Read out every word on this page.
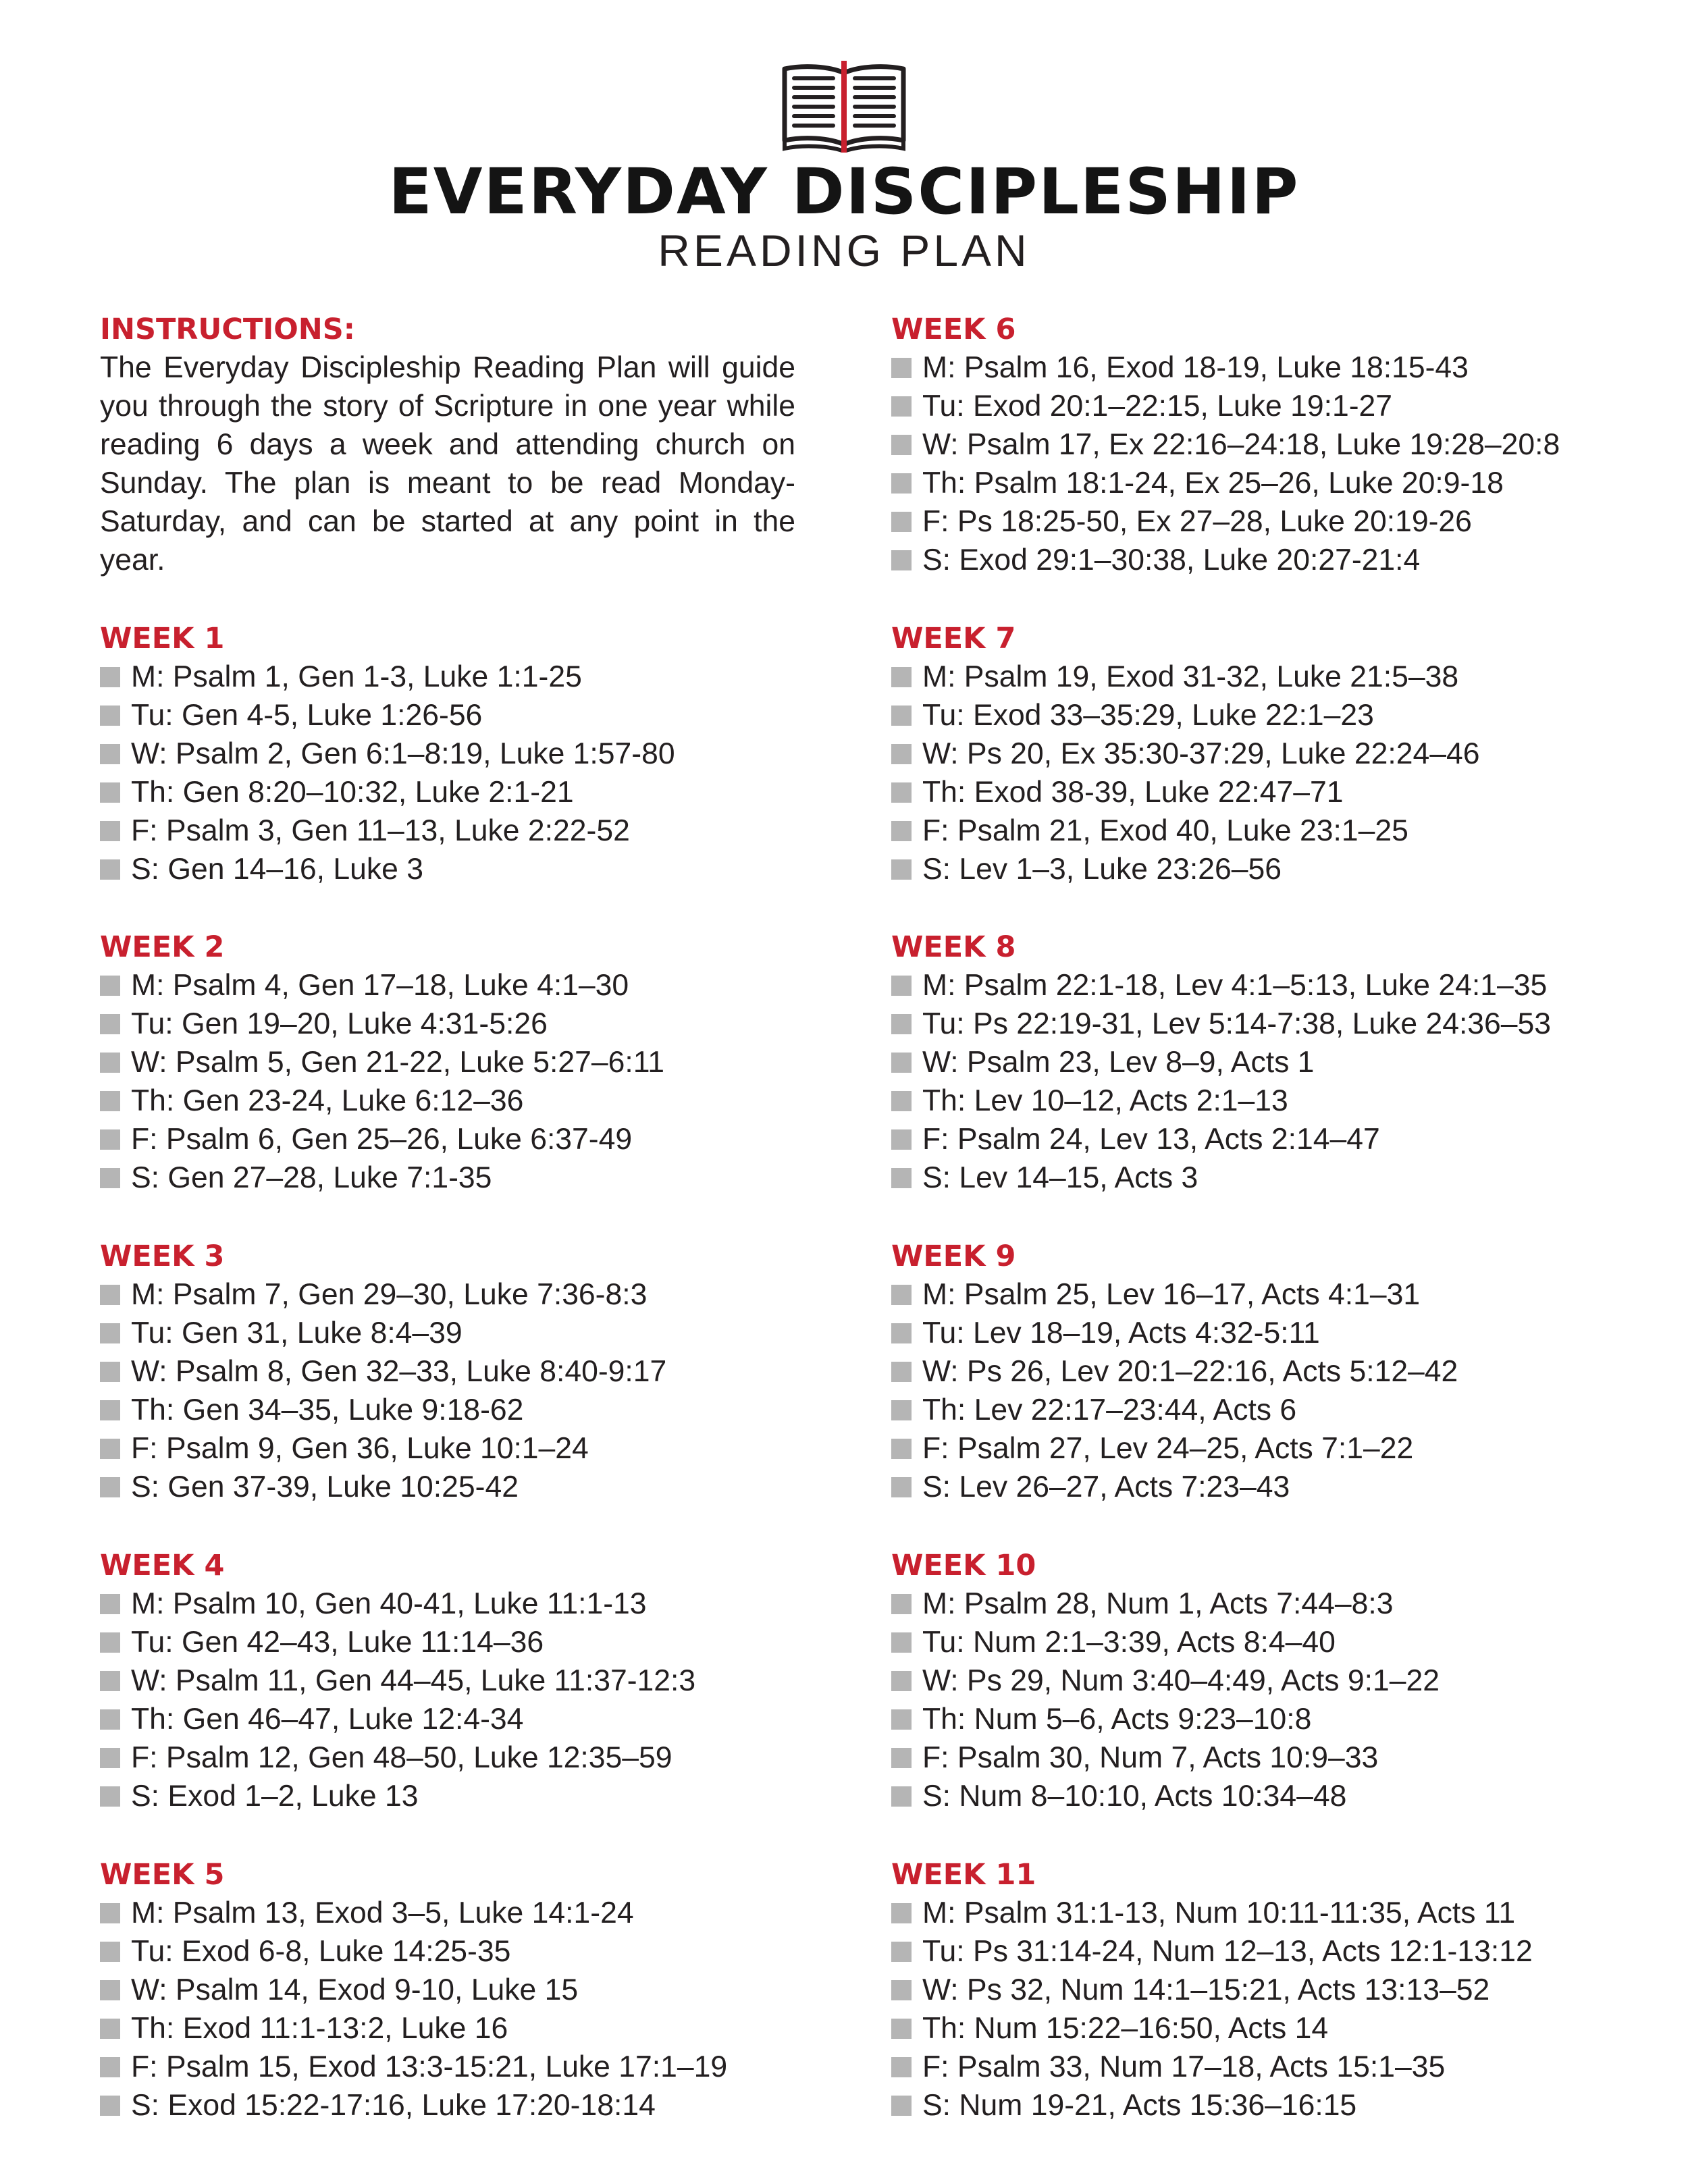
EVERYDAY DISCIPLESHIP
READING PLAN
INSTRUCTIONS:
The Everyday Discipleship Reading Plan will guide you through the story of Scripture in one year while reading 6 days a week and attending church on Sunday. The plan is meant to be read Monday-Saturday, and can be started at any point in the year.
WEEK 1
M: Psalm 1, Gen 1-3, Luke 1:1-25
Tu: Gen 4-5, Luke 1:26-56
W: Psalm 2, Gen 6:1–8:19, Luke 1:57-80
Th: Gen 8:20–10:32, Luke 2:1-21
F: Psalm 3, Gen 11–13, Luke 2:22-52
S: Gen 14–16, Luke 3
WEEK 2
M: Psalm 4, Gen 17–18, Luke 4:1–30
Tu: Gen 19–20, Luke 4:31-5:26
W: Psalm 5, Gen 21-22, Luke 5:27–6:11
Th: Gen 23-24, Luke 6:12–36
F: Psalm 6, Gen 25–26, Luke 6:37-49
S: Gen 27–28, Luke 7:1-35
WEEK 3
M: Psalm 7, Gen 29–30, Luke 7:36-8:3
Tu: Gen 31, Luke 8:4–39
W: Psalm 8, Gen 32–33, Luke 8:40-9:17
Th: Gen 34–35, Luke 9:18-62
F: Psalm 9, Gen 36, Luke 10:1–24
S: Gen 37-39, Luke 10:25-42
WEEK 4
M: Psalm 10, Gen 40-41, Luke 11:1-13
Tu: Gen 42–43, Luke 11:14–36
W: Psalm 11, Gen 44–45, Luke 11:37-12:3
Th: Gen 46–47, Luke 12:4-34
F: Psalm 12, Gen 48–50, Luke 12:35–59
S: Exod 1–2, Luke 13
WEEK 5
M: Psalm 13, Exod 3–5, Luke 14:1-24
Tu: Exod 6-8, Luke 14:25-35
W: Psalm 14, Exod 9-10, Luke 15
Th: Exod 11:1-13:2, Luke 16
F: Psalm 15, Exod 13:3-15:21, Luke 17:1–19
S: Exod 15:22-17:16, Luke 17:20-18:14
WEEK 6
M: Psalm 16, Exod 18-19, Luke 18:15-43
Tu: Exod 20:1–22:15, Luke 19:1-27
W: Psalm 17, Ex 22:16–24:18, Luke 19:28–20:8
Th: Psalm 18:1-24, Ex 25–26, Luke 20:9-18
F: Ps 18:25-50, Ex 27–28, Luke 20:19-26
S: Exod 29:1–30:38, Luke 20:27-21:4
WEEK 7
M: Psalm 19, Exod 31-32, Luke 21:5–38
Tu: Exod 33–35:29, Luke 22:1–23
W: Ps 20, Ex 35:30-37:29, Luke 22:24–46
Th: Exod 38-39, Luke 22:47–71
F: Psalm 21, Exod 40, Luke 23:1–25
S: Lev 1–3, Luke 23:26–56
WEEK 8
M: Psalm 22:1-18, Lev 4:1–5:13, Luke 24:1–35
Tu: Ps 22:19-31, Lev 5:14-7:38, Luke 24:36–53
W: Psalm 23, Lev 8–9, Acts 1
Th: Lev 10–12, Acts 2:1–13
F: Psalm 24, Lev 13, Acts 2:14–47
S: Lev 14–15, Acts 3
WEEK 9
M: Psalm 25, Lev 16–17, Acts 4:1–31
Tu: Lev 18–19, Acts 4:32-5:11
W: Ps 26, Lev 20:1–22:16, Acts 5:12–42
Th: Lev 22:17–23:44, Acts 6
F: Psalm 27, Lev 24–25, Acts 7:1–22
S: Lev 26–27, Acts 7:23–43
WEEK 10
M: Psalm 28, Num 1, Acts 7:44–8:3
Tu: Num 2:1–3:39, Acts 8:4–40
W: Ps 29, Num 3:40–4:49, Acts 9:1–22
Th: Num 5–6, Acts 9:23–10:8
F: Psalm 30, Num 7, Acts 10:9–33
S: Num 8–10:10, Acts 10:34–48
WEEK 11
M: Psalm 31:1-13, Num 10:11-11:35, Acts 11
Tu: Ps 31:14-24, Num 12–13, Acts 12:1-13:12
W: Ps 32, Num 14:1–15:21, Acts 13:13–52
Th: Num 15:22–16:50, Acts 14
F: Psalm 33, Num 17–18, Acts 15:1–35
S: Num 19-21, Acts 15:36–16:15
